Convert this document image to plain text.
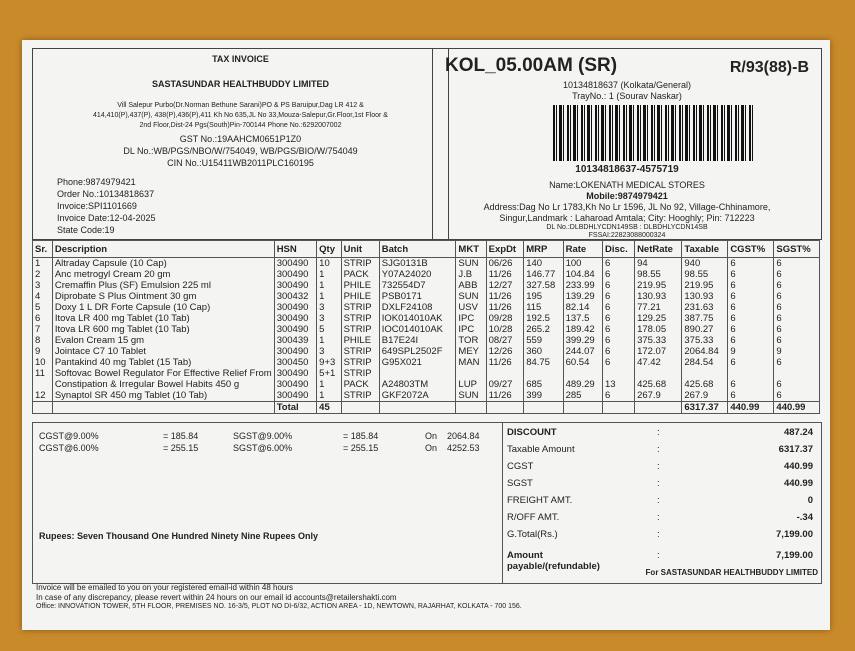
TAX INVOICE
SASTASUNDAR HEALTHBUDDY LIMITED
Vill Salepur Purbo(Dr.Norman Bethune Sarani)PO & PS Baruipur,Dag LR 412 &
414,410(P),437(P), 438(P),436(P),411 Kh No 635,JL No 33,Mouza-Salepur,Gr.Floor,1st Floor &
2nd Floor,Dist-24 Pgs(South)Pin-700144 Phone No.:6292007002
GST No.:19AAHCM0651P1Z0
DL No.:WB/PGS/NBO/W/754049, WB/PGS/BIO/W/754049
CIN No.:U15411WB2011PLC160195
Phone:9874979421
Order No.:10134818637
Invoice:SPI1101669
Invoice Date:12-04-2025
State Code:19
KOL_05.00AM (SR)	R/93(88)-B
10134818637 (Kolkata/General)
TrayNo.: 1 (Sourav Naskar)
10134818637-4575719
Name:LOKENATH MEDICAL STORES
Mobile:9874979421
Address:Dag No Lr 1783,Kh No Lr 1596, JL No 92, Village-Chhinamore,
Singur,Landmark : Laharoad Amtala; City: Hooghly; Pin: 712223
DL No.:DLBDHLYCDN149SB : DLBDHLYCDN14SB
FSSAI:22823088000324
Sr.	Description	HSN	Qty	Unit	Batch	MKT	ExpDt	MRP	Rate	Disc.	NetRate	Taxable	CGST%	SGST%
1	Altraday Capsule (10 Cap)	300490	10	STRIP	SJG0131B	SUN	06/26	140	100	6	94	940	6	6
2	Anc metrogyl Cream 20 gm	300490	1	PACK	Y07A24020	J.B	11/26	146.77	104.84	6	98.55	98.55	6	6
3	Cremaffin Plus (SF) Emulsion 225 ml	300490	1	PHILE	732554D7	ABB	12/27	327.58	233.99	6	219.95	219.95	6	6
4	Diprobate S Plus Ointment 30 gm	300432	1	PHILE	PSB0171	SUN	11/26	195	139.29	6	130.93	130.93	6	6
5	Doxy 1 L DR Forte Capsule (10 Cap)	300490	3	STRIP	DXLF24108	USV	11/26	115	82.14	6	77.21	231.63	6	6
6	Itova LR 400 mg Tablet (10 Tab)	300490	3	STRIP	IOK014010AK	IPC	09/28	192.5	137.5	6	129.25	387.75	6	6
7	Itova LR 600 mg Tablet (10 Tab)	300490	5	STRIP	IOC014010AK	IPC	10/28	265.2	189.42	6	178.05	890.27	6	6
8	Evalon Cream 15 gm	300439	1	PHILE	B17E24I	TOR	08/27	559	399.29	6	375.33	375.33	6	6
9	Jointace C7 10 Tablet	300490	3	STRIP	649SPL2502F	MEY	12/26	360	244.07	6	172.07	2064.84	9	9
10	Pantakind 40 mg Tablet (15 Tab)	300450	9+3	STRIP	G95X021	MAN	11/26	84.75	60.54	6	47.42	284.54	6	6
11	Softovac Bowel Regulator For Effective Relief From	300490	5+1	STRIP										
	Constipation & Irregular Bowel Habits 450 g	300490	1	PACK	A24803TM	LUP	09/27	685	489.29	13	425.68	425.68	6	6
12	Synaptol SR 450 mg Tablet (10 Tab)	300490	1	STRIP	GKF2072A	SUN	11/26	399	285	6	267.9	267.9	6	6
		Total	45									6317.37	440.99	440.99
CGST@9.00%	= 185.84	SGST@9.00%	= 185.84	On 2064.84
CGST@6.00%	= 255.15	SGST@6.00%	= 255.15	On 4252.53
Rupees: Seven Thousand One Hundred Ninety Nine Rupees Only
DISCOUNT	:	487.24
Taxable Amount	:	6317.37
CGST	:	440.99
SGST	:	440.99
FREIGHT AMT.	:	0
R/OFF AMT.	:	-.34
G.Total(Rs.)	:	7,199.00
Amount payable/(refundable)
:	7,199.00
For SASTASUNDAR HEALTHBUDDY LIMITED
Invoice will be emailed to you on your registered email-id within 48 hours
In case of any discrepancy, please revert within 24 hours on our email id accounts@retailershakti.com
Office: INNOVATION TOWER, 5TH FLOOR, PREMISES NO. 16-3/5, PLOT NO DI-6/32, ACTION AREA - 1D, NEWTOWN, RAJARHAT, KOLKATA - 700 156.
